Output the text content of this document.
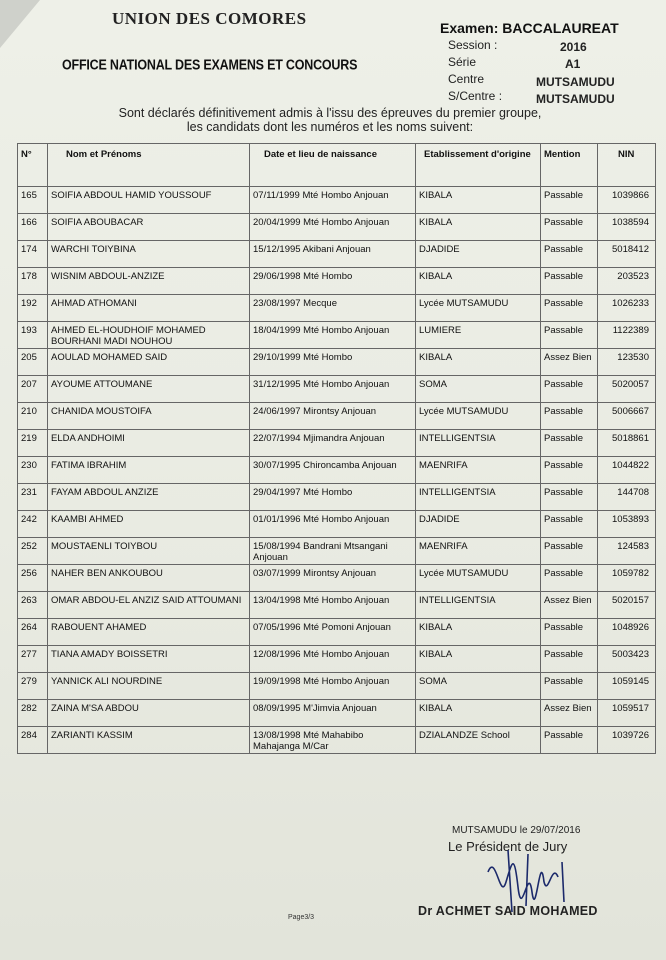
UNION DES COMORES
OFFICE NATIONAL DES EXAMENS ET CONCOURS
Examen: BACCALAUREAT
Session :	2016
Série	A1
Centre	MUTSAMUDU
S/Centre :	MUTSAMUDU
Sont déclarés définitivement admis à l'issu des épreuves du premier groupe,
les candidats dont les numéros et les noms suivent:
N°	Nom et Prénoms	Date et lieu de naissance	Etablissement d'origine	Mention	NIN
165	SOIFIA ABDOUL HAMID YOUSSOUF	07/11/1999 Mté Hombo Anjouan	KIBALA	Passable	1039866
166	SOIFIA ABOUBACAR	20/04/1999 Mté Hombo Anjouan	KIBALA	Passable	1038594
174	WARCHI TOIYBINA	15/12/1995 Akibani Anjouan	DJADIDE	Passable	5018412
178	WISNIM ABDOUL-ANZIZE	29/06/1998 Mté Hombo	KIBALA	Passable	203523
192	AHMAD ATHOMANI	23/08/1997 Mecque	Lycée MUTSAMUDU	Passable	1026233
193	AHMED EL-HOUDHOIF MOHAMED BOURHANI MADI NOUHOU	18/04/1999 Mté Hombo Anjouan	LUMIERE	Passable	1122389
205	AOULAD MOHAMED SAID	29/10/1999 Mté Hombo	KIBALA	Assez Bien	123530
207	AYOUME ATTOUMANE	31/12/1995 Mté Hombo Anjouan	SOMA	Passable	5020057
210	CHANIDA MOUSTOIFA	24/06/1997 Mirontsy Anjouan	Lycée MUTSAMUDU	Passable	5006667
219	ELDA ANDHOIMI	22/07/1994 Mjimandra Anjouan	INTELLIGENTSIA	Passable	5018861
230	FATIMA IBRAHIM	30/07/1995 Chironcamba Anjouan	MAENRIFA	Passable	1044822
231	FAYAM ABDOUL ANZIZE	29/04/1997 Mté Hombo	INTELLIGENTSIA	Passable	144708
242	KAAMBI AHMED	01/01/1996 Mté Hombo Anjouan	DJADIDE	Passable	1053893
252	MOUSTAENLI TOIYBOU	15/08/1994 Bandrani Mtsangani Anjouan	MAENRIFA	Passable	124583
256	NAHER BEN ANKOUBOU	03/07/1999 Mirontsy Anjouan	Lycée MUTSAMUDU	Passable	1059782
263	OMAR ABDOU-EL ANZIZ SAID ATTOUMANI	13/04/1998 Mté Hombo Anjouan	INTELLIGENTSIA	Assez Bien	5020157
264	RABOUENT AHAMED	07/05/1996 Mté Pomoni Anjouan	KIBALA	Passable	1048926
277	TIANA AMADY BOISSETRI	12/08/1996 Mté Hombo Anjouan	KIBALA	Passable	5003423
279	YANNICK ALI NOURDINE	19/09/1998 Mté Hombo Anjouan	SOMA	Passable	1059145
282	ZAINA M'SA ABDOU	08/09/1995 M'Jimvia Anjouan	KIBALA	Assez Bien	1059517
284	ZARIANTI KASSIM	13/08/1998 Mté Mahabibo Mahajanga M/Car	DZIALANDZE School	Passable	1039726
MUTSAMUDU le 29/07/2016
Le Président de Jury
Dr ACHMET SAID MOHAMED
Page3/3
